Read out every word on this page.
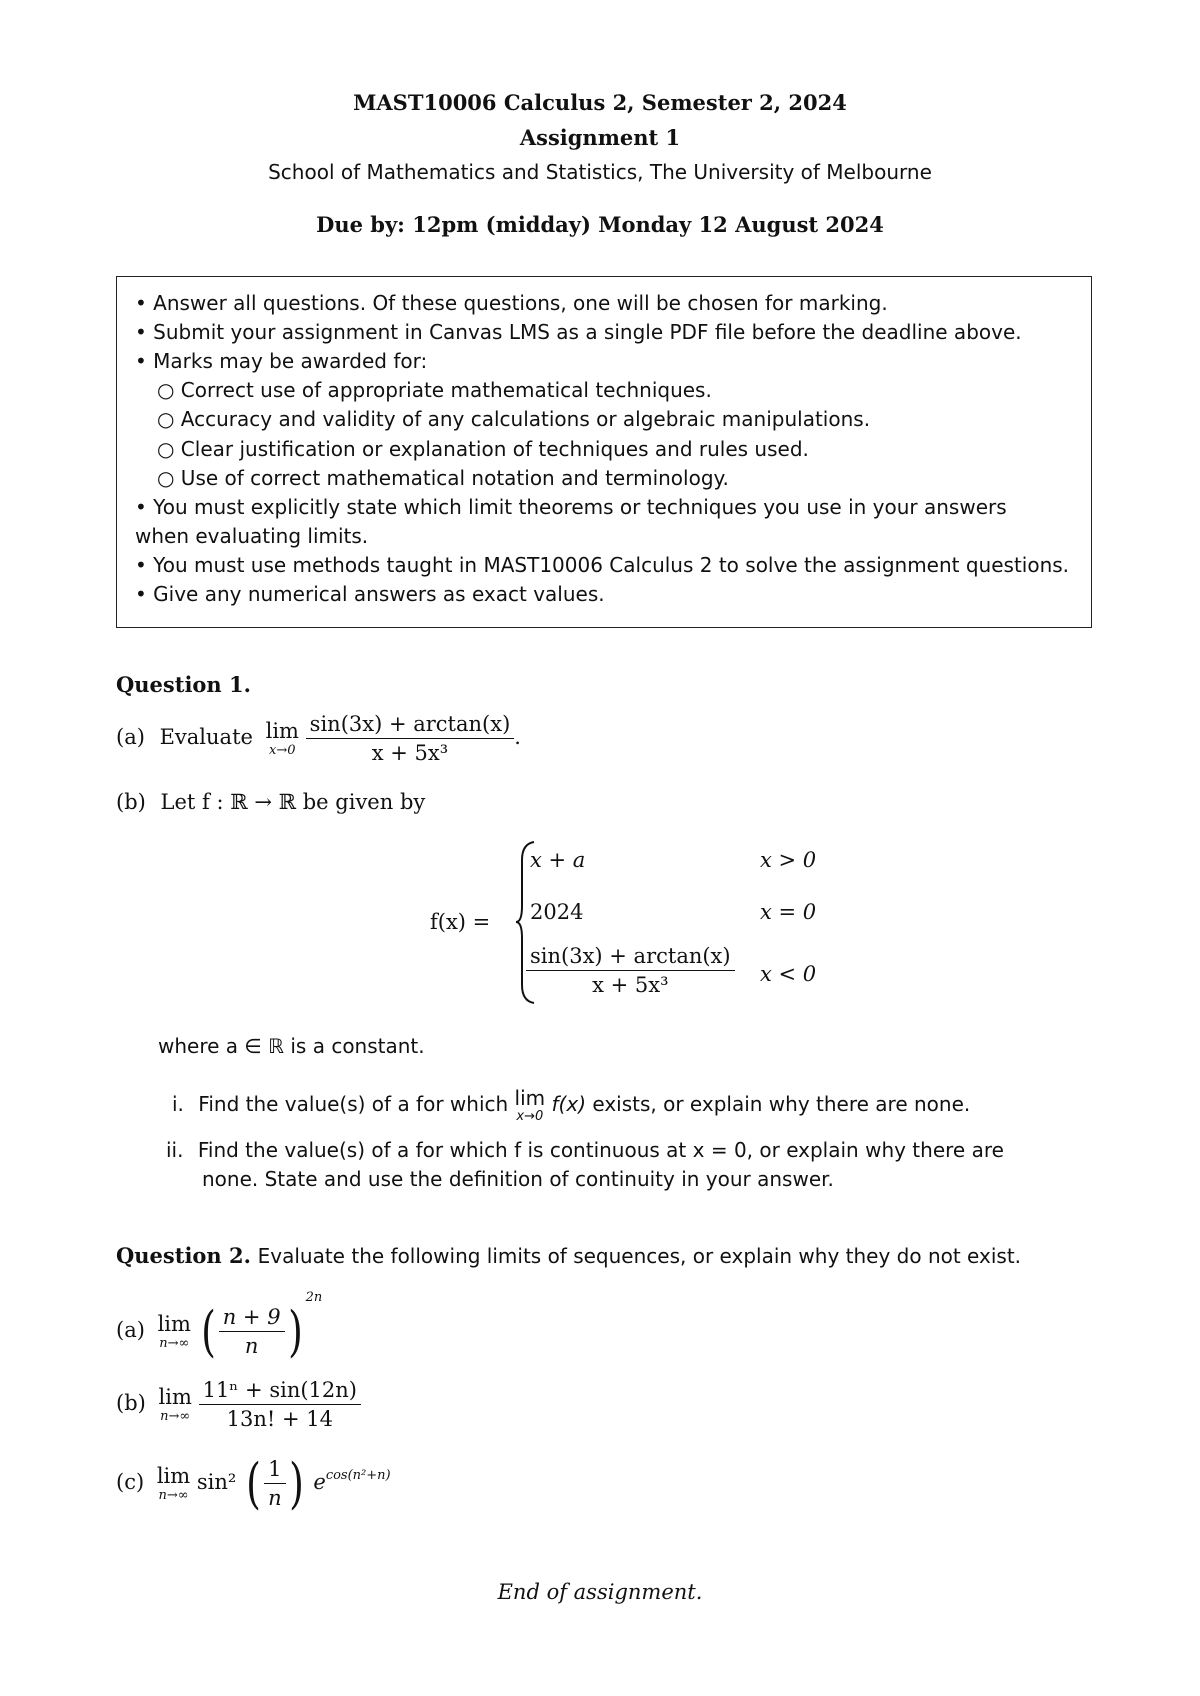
MAST10006 Calculus 2, Semester 2, 2024
Assignment 1
School of Mathematics and Statistics, The University of Melbourne
Due by: 12pm (midday) Monday 12 August 2024
• Answer all questions. Of these questions, one will be chosen for marking.
• Submit your assignment in Canvas LMS as a single PDF file before the deadline above.
• Marks may be awarded for:
○ Correct use of appropriate mathematical techniques.
○ Accuracy and validity of any calculations or algebraic manipulations.
○ Clear justification or explanation of techniques and rules used.
○ Use of correct mathematical notation and terminology.
• You must explicitly state which limit theorems or techniques you use in your answers
when evaluating limits.
• You must use methods taught in MAST10006 Calculus 2 to solve the assignment questions.
• Give any numerical answers as exact values.
Question 1.
(a) Evaluate lim
x→0
$\frac{\sin(3x) + \arctan(x)}{\text{x + 5x³}}$ .
(b) Let f : ℝ → ℝ be given by
f(x) =
x + a	x > 0
2024	x = 0
$\frac{\sin(3x) + \arctan(x)}{\text{x + 5x³}}$ x < 0
where a ∈ ℝ is a constant.
i. Find the value(s) of a for which lim
x→0
f(x) exists, or explain why there are none.
ii. Find the value(s) of a for which f is continuous at x = 0, or explain why there are
none. State and use the definition of continuity in your answer.
Question 2. Evaluate the following limits of sequences, or explain why they do not exist.
(a) lim
n→∞ ( $\frac{n + 9}{n} )^{2n}$
(b) lim
n→∞
$\frac{\text{11ⁿ + sin(12n)}}{13n! + 14}$
(c) lim
n→∞
sin² ( $\frac{1}{n}$ ) $e^{cos(n^2+n)}$
End of assignment.
